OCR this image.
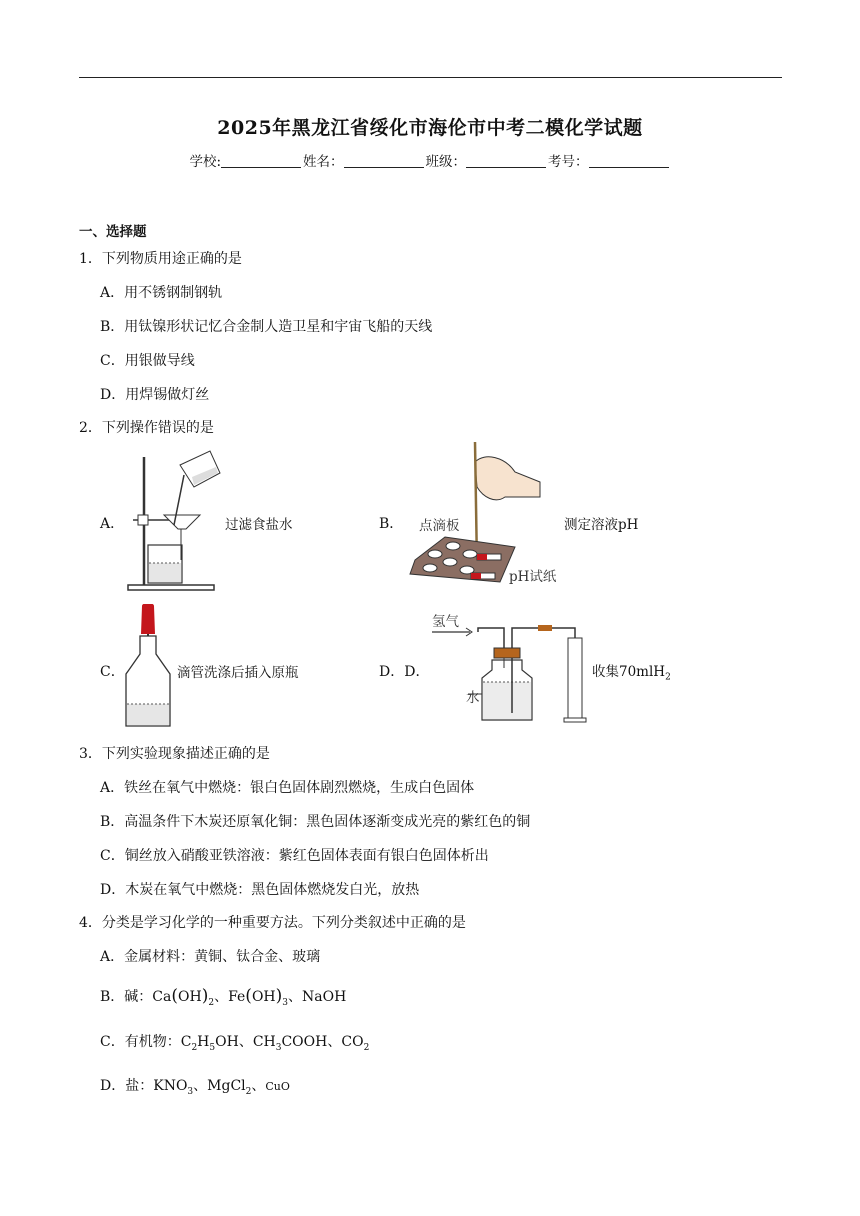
2025年黑龙江省绥化市海伦市中考二模化学试题
学校:	姓名：	班级：	考号：
一、选择题
1．下列物质用途正确的是
A．用不锈钢制钢轨
B．用钛镍形状记忆合金制人造卫星和宇宙飞船的天线
C．用银做导线
D．用焊锡做灯丝
2．下列操作错误的是
A．	过滤食盐水	B． 点滴板	测定溶液pH
pH试纸
C．	滴管洗涤后插入原瓶	D．D．
氢气
水
收集70mlH$_2$
3．下列实验现象描述正确的是
A．铁丝在氧气中燃烧：银白色固体剧烈燃烧，生成白色固体
B．高温条件下木炭还原氧化铜：黑色固体逐渐变成光亮的紫红色的铜
C．铜丝放入硝酸亚铁溶液：紫红色固体表面有银白色固体析出
D．木炭在氧气中燃烧：黑色固体燃烧发白光，放热
4．分类是学习化学的一种重要方法。下列分类叙述中正确的是
A．金属材料：黄铜、钛合金、玻璃
B．碱：$Ca(OH)_2$、$Fe(OH)_3$、NaOH
C．有机物：$C_2H_5OH$、$CH_3COOH$、$CO_2$
D．盐：$KNO_3$、MgCl$_2$、CuO
